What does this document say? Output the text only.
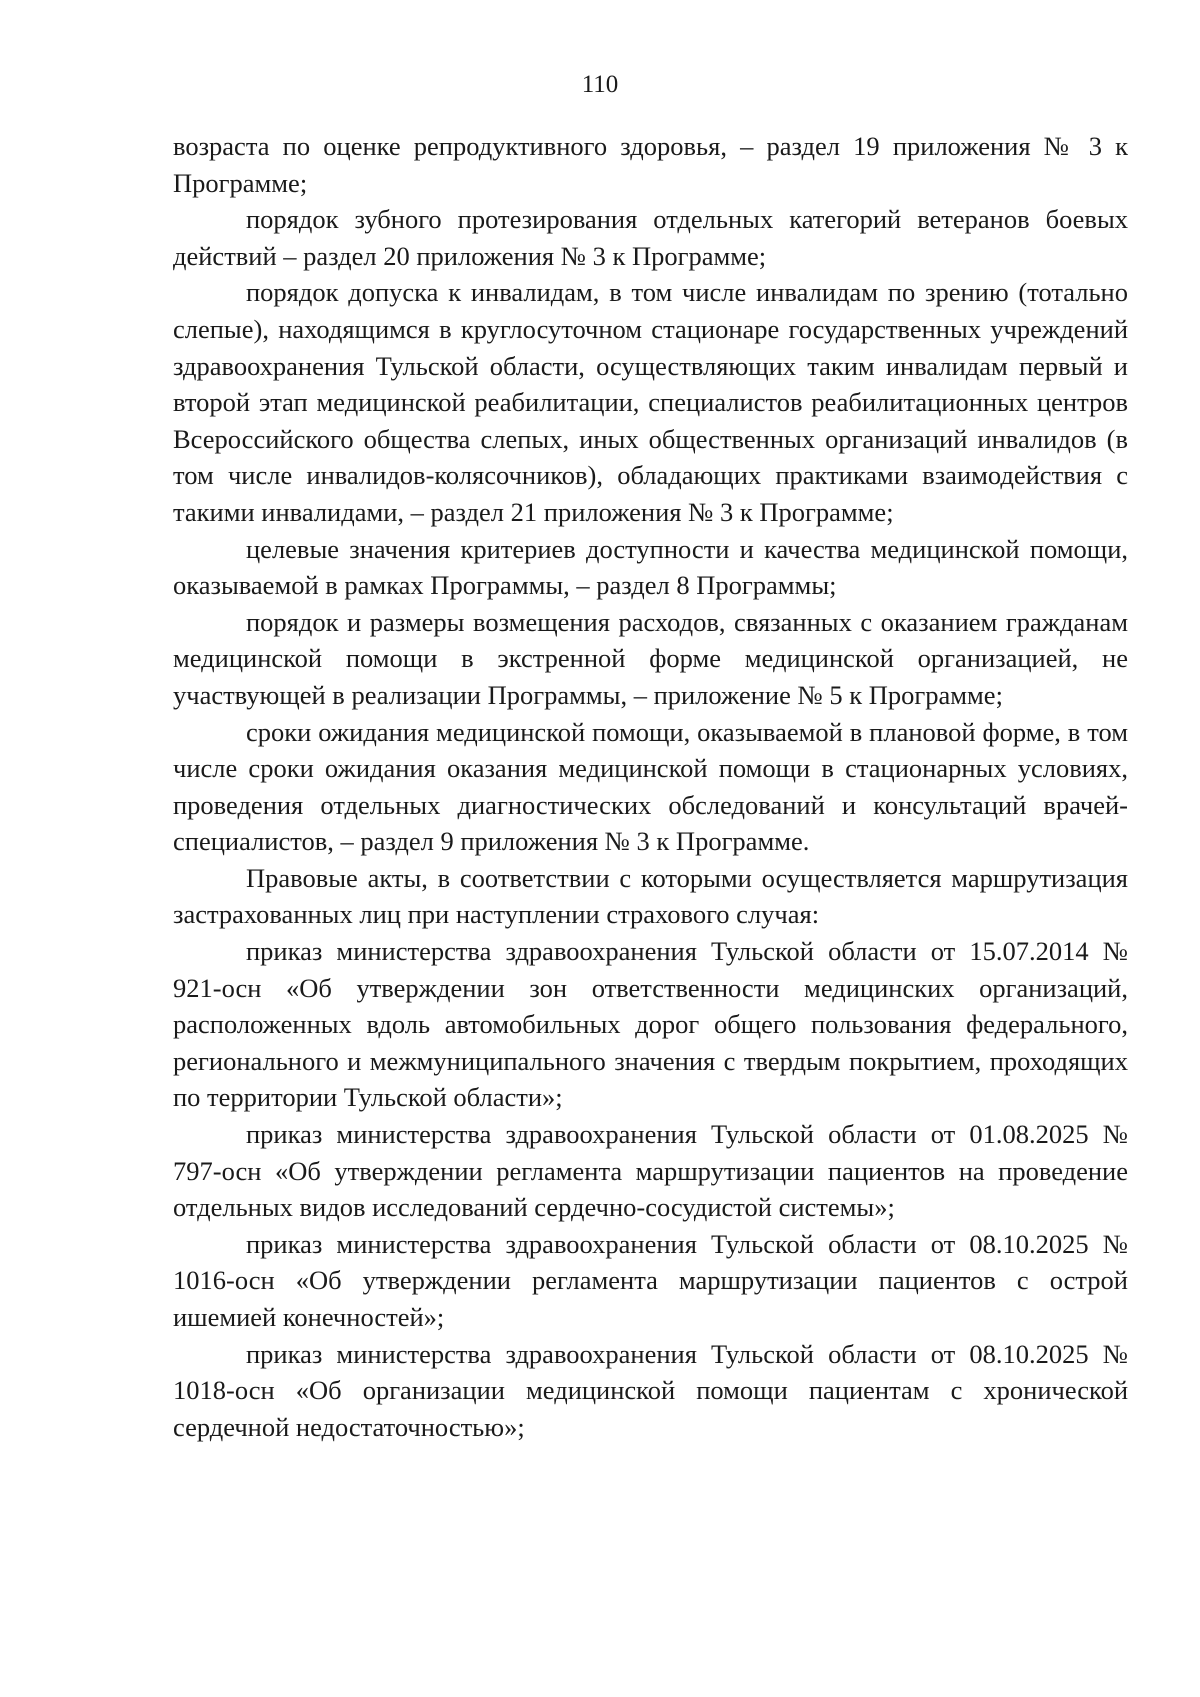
110

возраста по оценке репродуктивного здоровья, – раздел 19 приложения № 3 к Программе;

порядок зубного протезирования отдельных категорий ветеранов боевых действий – раздел 20 приложения № 3 к Программе;

порядок допуска к инвалидам, в том числе инвалидам по зрению (тотально слепые), находящимся в круглосуточном стационаре государственных учреждений здравоохранения Тульской области, осуществляющих таким инвалидам первый и второй этап медицинской реабилитации, специалистов реабилитационных центров Всероссийского общества слепых, иных общественных организаций инвалидов (в том числе инвалидов-колясочников), обладающих практиками взаимодействия с такими инвалидами, – раздел 21 приложения № 3 к Программе;

целевые значения критериев доступности и качества медицинской помощи, оказываемой в рамках Программы, – раздел 8 Программы;

порядок и размеры возмещения расходов, связанных с оказанием гражданам медицинской помощи в экстренной форме медицинской организацией, не участвующей в реализации Программы, – приложение № 5 к Программе;

сроки ожидания медицинской помощи, оказываемой в плановой форме, в том числе сроки ожидания оказания медицинской помощи в стационарных условиях, проведения отдельных диагностических обследований и консультаций врачей-специалистов, – раздел 9 приложения № 3 к Программе.

Правовые акты, в соответствии с которыми осуществляется маршрутизация застрахованных лиц при наступлении страхового случая:

приказ министерства здравоохранения Тульской области от 15.07.2014 № 921-осн «Об утверждении зон ответственности медицинских организаций, расположенных вдоль автомобильных дорог общего пользования федерального, регионального и межмуниципального значения с твердым покрытием, проходящих по территории Тульской области»;

приказ министерства здравоохранения Тульской области от 01.08.2025 № 797-осн «Об утверждении регламента маршрутизации пациентов на проведение отдельных видов исследований сердечно-сосудистой системы»;

приказ министерства здравоохранения Тульской области от 08.10.2025 № 1016-осн «Об утверждении регламента маршрутизации пациентов с острой ишемией конечностей»;

приказ министерства здравоохранения Тульской области от 08.10.2025 № 1018-осн «Об организации медицинской помощи пациентам с хронической сердечной недостаточностью»;
